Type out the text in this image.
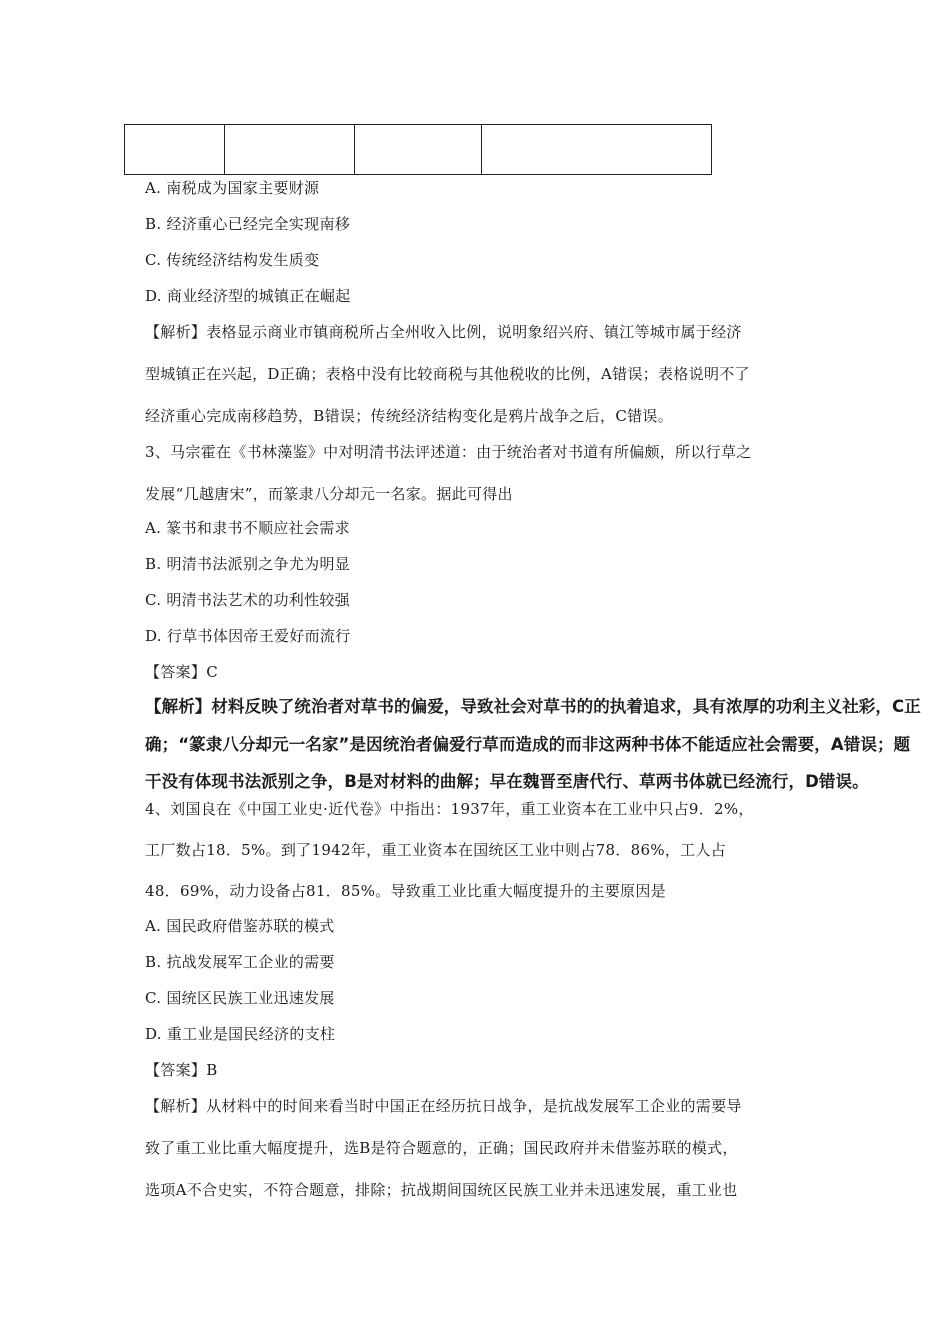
A. 南税成为国家主要财源
B. 经济重心已经完全实现南移
C. 传统经济结构发生质变
D. 商业经济型的城镇正在崛起
【解析】表格显示商业市镇商税所占全州收入比例，说明象绍兴府、镇江等城市属于经济
型城镇正在兴起，D正确；表格中没有比较商税与其他税收的比例，A错误；表格说明不了
经济重心完成南移趋势，B错误；传统经济结构变化是鸦片战争之后，C错误。
3、马宗霍在《书林藻鉴》中对明清书法评述道：由于统治者对书道有所偏颇，所以行草之
发展“几越唐宋”，而篆隶八分却元一名家。据此可得出
A. 篆书和隶书不顺应社会需求
B. 明清书法派别之争尤为明显
C. 明清书法艺术的功利性较强
D. 行草书体因帝王爱好而流行
【答案】C
【解析】材料反映了统治者对草书的偏爱，导致社会对草书的的执着追求，具有浓厚的功利主义社彩，C正
确；“篆隶八分却元一名家”是因统治者偏爱行草而造成的而非这两种书体不能适应社会需要，A错误；题
干没有体现书法派别之争，B是对材料的曲解；早在魏晋至唐代行、草两书体就已经流行，D错误。
4、刘国良在《中国工业史·近代卷》中指出：1937年，重工业资本在工业中只占9．2%，
工厂数占18．5%。到了1942年，重工业资本在国统区工业中则占78．86%，工人占
48．69%，动力设备占81．85%。导致重工业比重大幅度提升的主要原因是
A. 国民政府借鉴苏联的模式
B. 抗战发展军工企业的需要
C. 国统区民族工业迅速发展
D. 重工业是国民经济的支柱
【答案】B
【解析】从材料中的时间来看当时中国正在经历抗日战争，是抗战发展军工企业的需要导
致了重工业比重大幅度提升，选B是符合题意的，正确；国民政府并未借鉴苏联的模式，
选项A不合史实，不符合题意，排除；抗战期间国统区民族工业并未迅速发展，重工业也
